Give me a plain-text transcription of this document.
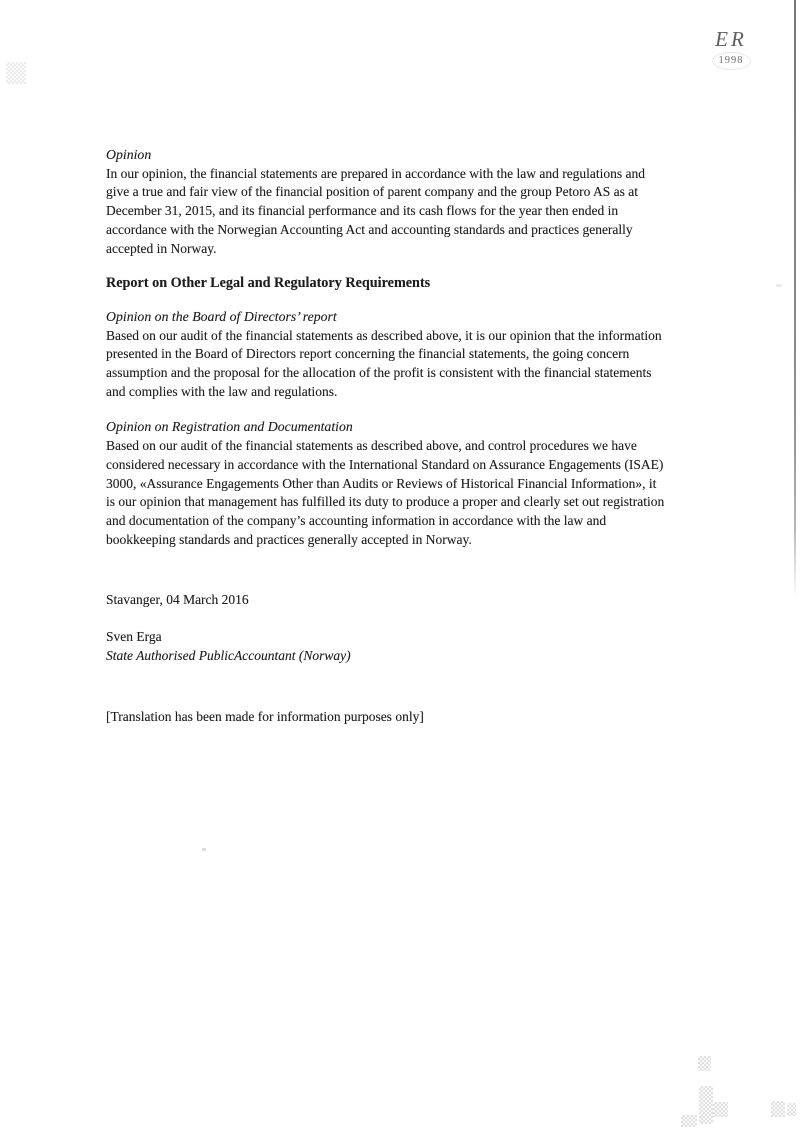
ER
1998
Opinion

In our opinion, the financial statements are prepared in accordance with the law and regulations and
give a true and fair view of the financial position of parent company and the group Petoro AS as at
December 31, 2015, and its financial performance and its cash flows for the year then ended in
accordance with the Norwegian Accounting Act and accounting standards and practices generally
accepted in Norway.

Report on Other Legal and Regulatory Requirements
Opinion on the Board of Directors’ report

Based on our audit of the financial statements as described above, it is our opinion that the information
presented in the Board of Directors report concerning the financial statements, the going concern
assumption and the proposal for the allocation of the profit is consistent with the financial statements
and complies with the law and regulations.

Opinion on Registration and Documentation

Based on our audit of the financial statements as described above, and control procedures we have
considered necessary in accordance with the International Standard on Assurance Engagements (ISAE)
3000, «Assurance Engagements Other than Audits or Reviews of Historical Financial Information», it
is our opinion that management has fulfilled its duty to produce a proper and clearly set out registration
and documentation of the company’s accounting information in accordance with the law and
bookkeeping standards and practices generally accepted in Norway.

Stavanger, 04 March 2016

Sven Erga

State Authorised PublicAccountant (Norway)

[Translation has been made for information purposes only]
